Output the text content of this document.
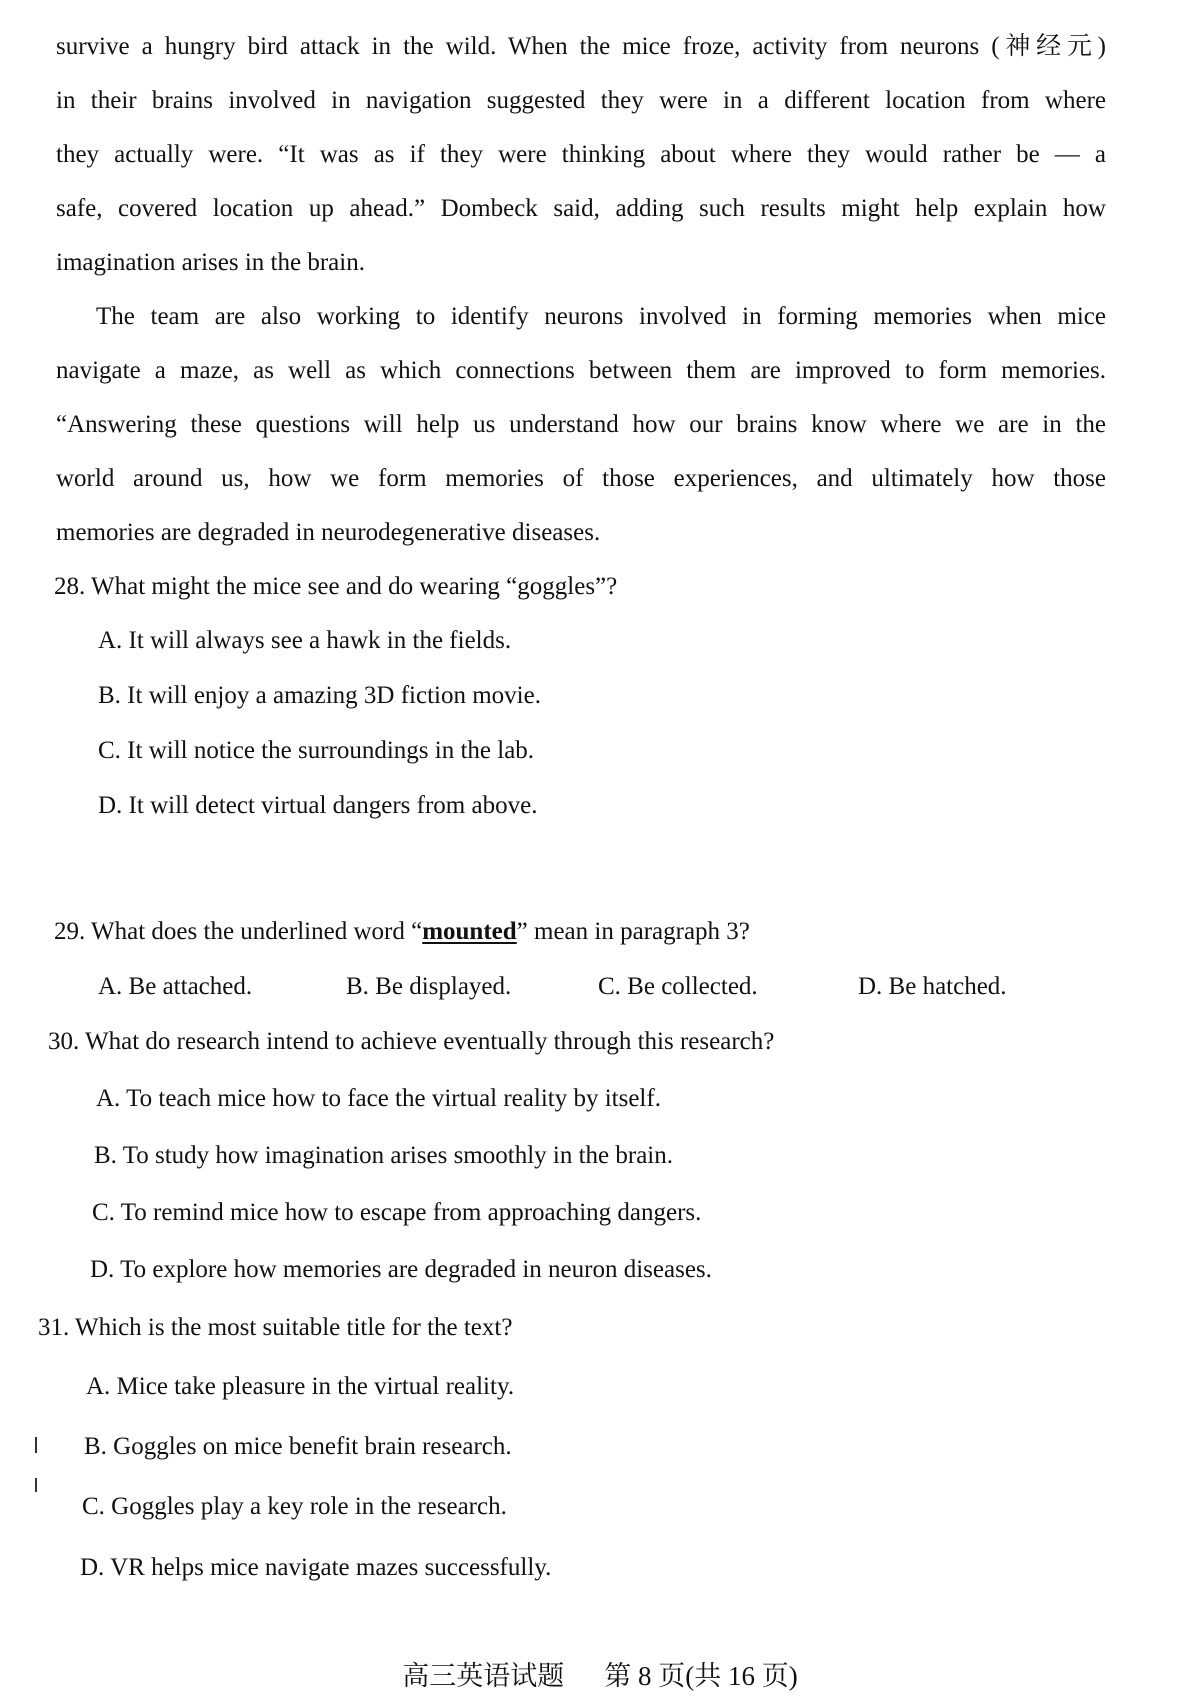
survive a hungry bird attack in the wild. When the mice froze, activity from neurons (神经元)
in their brains involved in navigation suggested they were in a different location from where
they actually were. “It was as if they were thinking about where they would rather be — a
safe, covered location up ahead.” Dombeck said, adding such results might help explain how
imagination arises in the brain.
The team are also working to identify neurons involved in forming memories when mice
navigate a maze, as well as which connections between them are improved to form memories.
“Answering these questions will help us understand how our brains know where we are in the
world around us, how we form memories of those experiences, and ultimately how those
memories are degraded in neurodegenerative diseases.
28. What might the mice see and do wearing “goggles”?
A. It will always see a hawk in the fields.
B. It will enjoy a amazing 3D fiction movie.
C. It will notice the surroundings in the lab.
D. It will detect virtual dangers from above.
29. What does the underlined word “mounted” mean in paragraph 3?
A. Be attached.	B. Be displayed.	C. Be collected.	D. Be hatched.
30. What do research intend to achieve eventually through this research?
A. To teach mice how to face the virtual reality by itself.
B. To study how imagination arises smoothly in the brain.
C. To remind mice how to escape from approaching dangers.
D. To explore how memories are degraded in neuron diseases.
31. Which is the most suitable title for the text?
A. Mice take pleasure in the virtual reality.
B. Goggles on mice benefit brain research.
C. Goggles play a key role in the research.
D. VR helps mice navigate mazes successfully.
高三英语试题 第 8 页(共 16 页)
